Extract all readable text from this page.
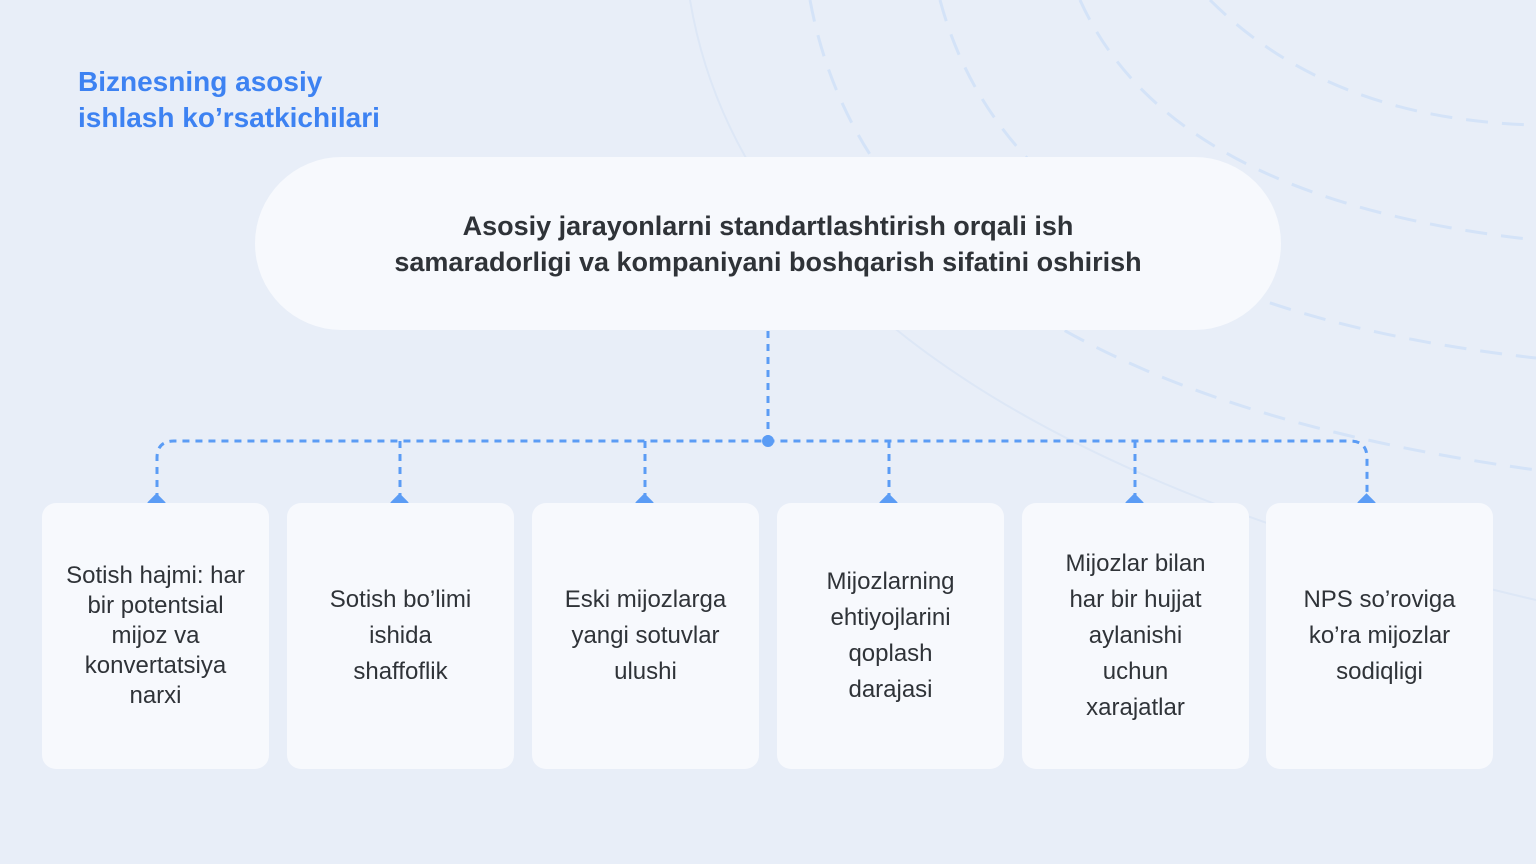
Biznesning asosiy
ishlash ko’rsatkichilari
Asosiy jarayonlarni standartlashtirish orqali ish
samaradorligi va kompaniyani boshqarish sifatini oshirish
Sotish hajmi: har
bir potentsial
mijoz va
konvertatsiya
narxi
Sotish bo’limi
ishida
shaffoflik
Eski mijozlarga
yangi sotuvlar
ulushi
Mijozlarning
ehtiyojlarini
qoplash
darajasi
Mijozlar bilan
har bir hujjat
aylanishi
uchun
xarajatlar
NPS so’roviga
ko’ra mijozlar
sodiqligi
